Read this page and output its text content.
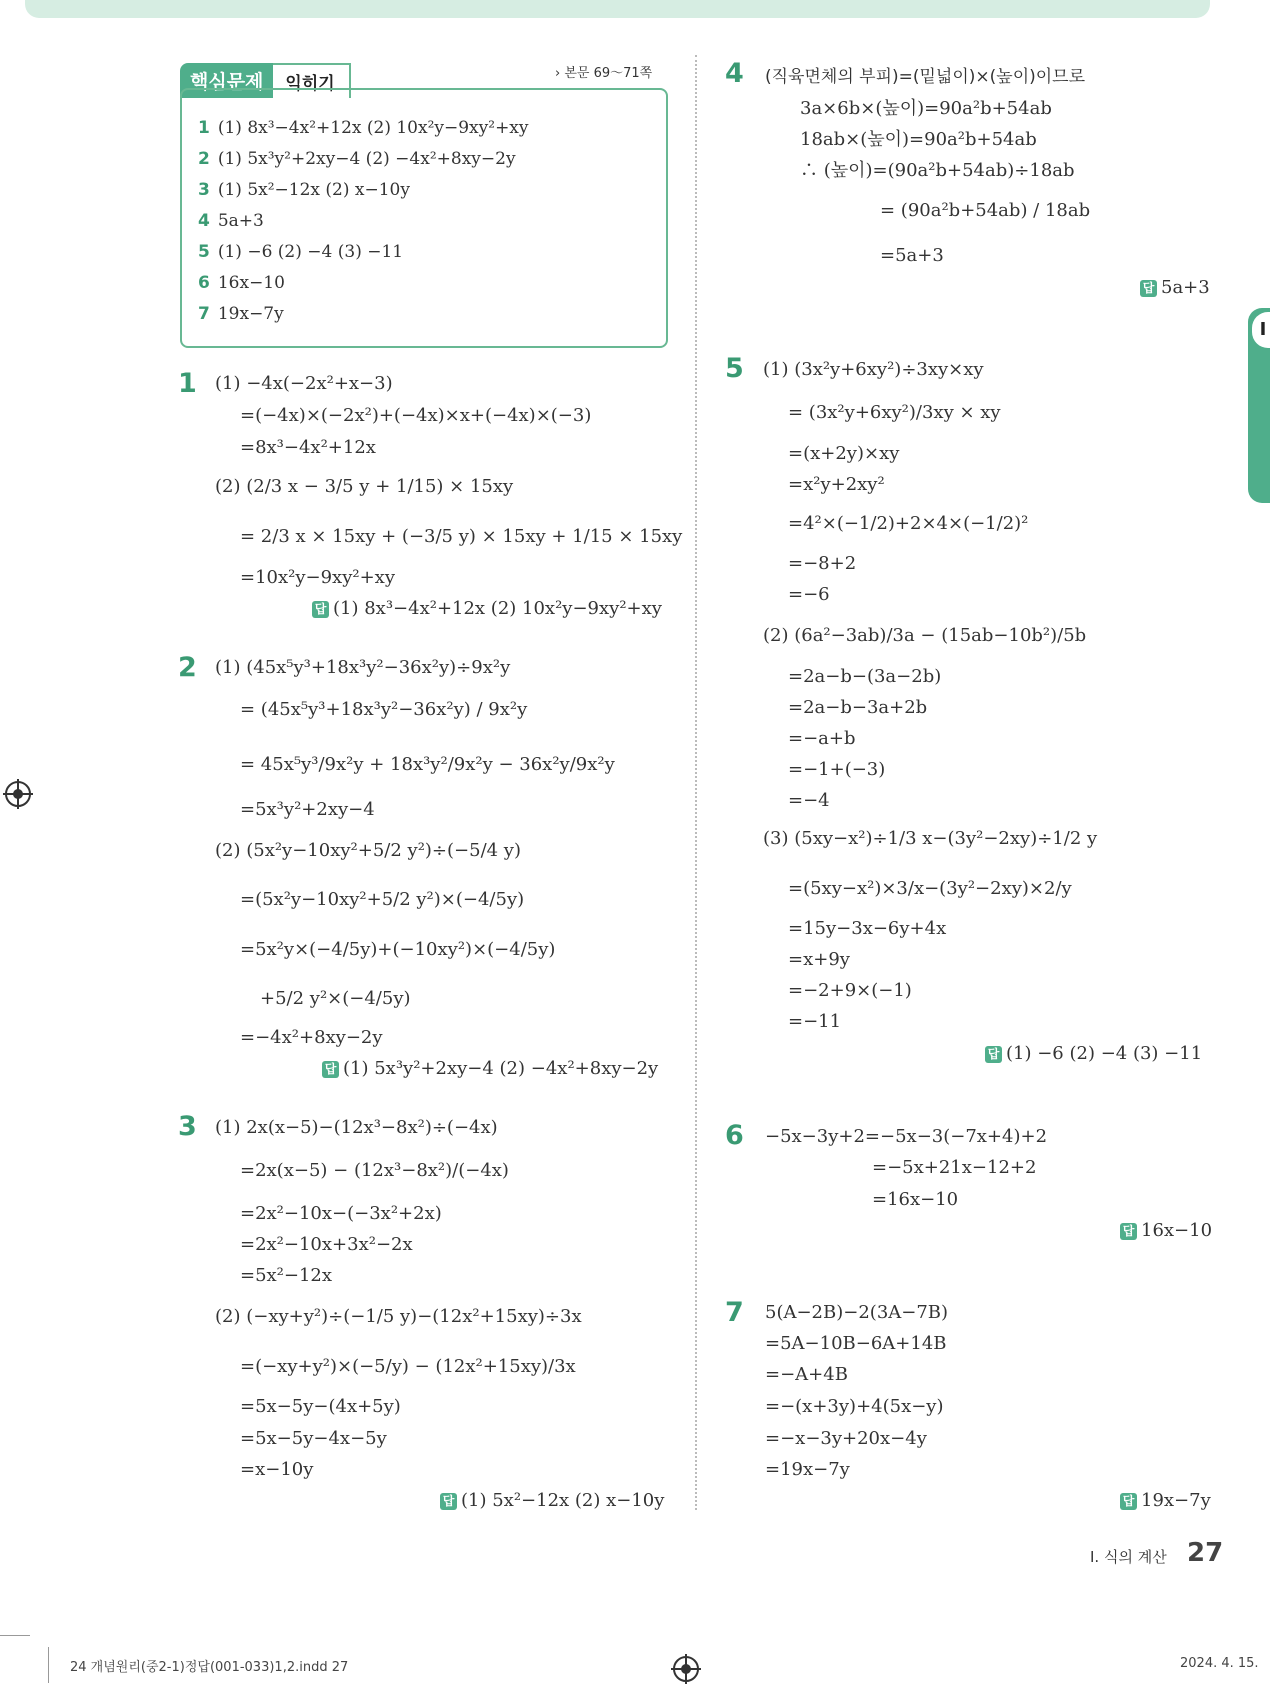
I
핵심문제	익히기	› 본문 69～71쪽
1 (1) 8x³−4x²+12x (2) 10x²y−9xy²+xy
2 (1) 5x³y²+2xy−4 (2) −4x²+8xy−2y
3 (1) 5x²−12x (2) x−10y
4 5a+3
5 (1) −6 (2) −4 (3) −11
6 16x−10
7 19x−7y
1 (1) −4x(−2x²+x−3)
=(−4x)×(−2x²)+(−4x)×x+(−4x)×(−3)
=8x³−4x²+12x
(2) (2/3 x − 3/5 y + 1/15) × 15xy
= 2/3 x × 15xy + (−3/5 y) × 15xy + 1/15 × 15xy
=10x²y−9xy²+xy
답 (1) 8x³−4x²+12x (2) 10x²y−9xy²+xy
2 (1) (45x⁵y³+18x³y²−36x²y)÷9x²y
= (45x⁵y³+18x³y²−36x²y) / 9x²y
= 45x⁵y³/9x²y + 18x³y²/9x²y − 36x²y/9x²y
=5x³y²+2xy−4
(2) (5x²y−10xy²+5/2 y²)÷(−5/4 y)
=(5x²y−10xy²+5/2 y²)×(−4/5y)
=5x²y×(−4/5y)+(−10xy²)×(−4/5y)
+5/2 y²×(−4/5y)
=−4x²+8xy−2y
답 (1) 5x³y²+2xy−4 (2) −4x²+8xy−2y
3 (1) 2x(x−5)−(12x³−8x²)÷(−4x)
=2x(x−5) − (12x³−8x²)/(−4x)
=2x²−10x−(−3x²+2x)
=2x²−10x+3x²−2x
=5x²−12x
(2) (−xy+y²)÷(−1/5 y)−(12x²+15xy)÷3x
=(−xy+y²)×(−5/y) − (12x²+15xy)/3x
=5x−5y−(4x+5y)
=5x−5y−4x−5y
=x−10y
답 (1) 5x²−12x (2) x−10y
4 (직육면체의 부피)=(밑넓이)×(높이)이므로
3a×6b×(높이)=90a²b+54ab
18ab×(높이)=90a²b+54ab
∴ (높이)=(90a²b+54ab)÷18ab
= (90a²b+54ab) / 18ab
=5a+3
답 5a+3
5 (1) (3x²y+6xy²)÷3xy×xy
= (3x²y+6xy²)/3xy × xy
=(x+2y)×xy
=x²y+2xy²
=4²×(−1/2)+2×4×(−1/2)²
=−8+2
=−6
(2) (6a²−3ab)/3a − (15ab−10b²)/5b
=2a−b−(3a−2b)
=2a−b−3a+2b
=−a+b
=−1+(−3)
=−4
(3) (5xy−x²)÷1/3 x−(3y²−2xy)÷1/2 y
=(5xy−x²)×3/x−(3y²−2xy)×2/y
=15y−3x−6y+4x
=x+9y
=−2+9×(−1)
=−11
답 (1) −6 (2) −4 (3) −11
6 −5x−3y+2=−5x−3(−7x+4)+2
=−5x+21x−12+2
=16x−10
답 16x−10
7 5(A−2B)−2(3A−7B)
=5A−10B−6A+14B
=−A+4B
=−(x+3y)+4(5x−y)
=−x−3y+20x−4y
=19x−7y
답 19x−7y
Ⅰ. 식의 계산 27
24 개념원리(중2-1)정답(001-033)1,2.indd 27	2024. 4. 15.
